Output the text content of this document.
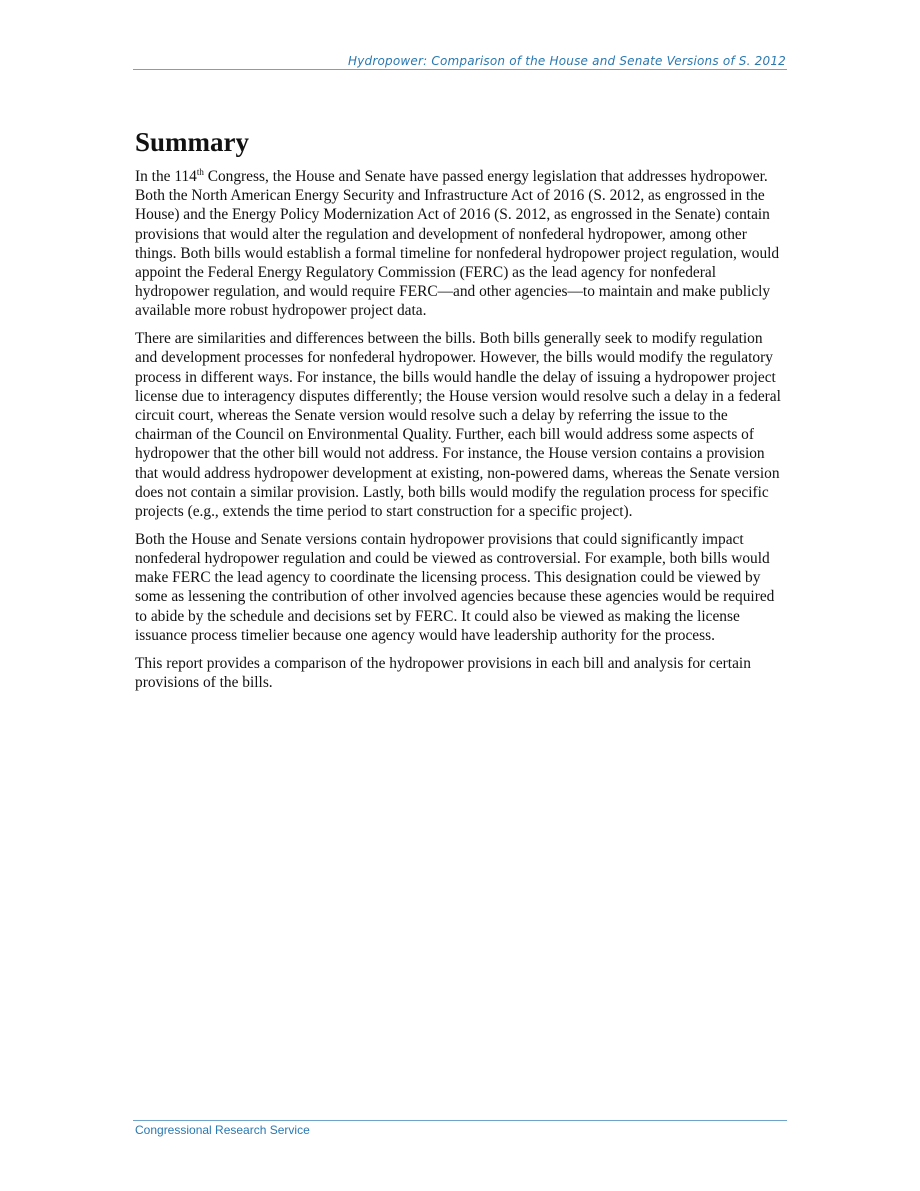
Hydropower: Comparison of the House and Senate Versions of S. 2012
Summary

In the 114th Congress, the House and Senate have passed energy legislation that addresses hydropower. Both the North American Energy Security and Infrastructure Act of 2016 (S. 2012, as engrossed in the House) and the Energy Policy Modernization Act of 2016 (S. 2012, as engrossed in the Senate) contain provisions that would alter the regulation and development of nonfederal hydropower, among other things. Both bills would establish a formal timeline for nonfederal hydropower project regulation, would appoint the Federal Energy Regulatory Commission (FERC) as the lead agency for nonfederal hydropower regulation, and would require FERC—and other agencies—to maintain and make publicly available more robust hydropower project data.

There are similarities and differences between the bills. Both bills generally seek to modify regulation and development processes for nonfederal hydropower. However, the bills would modify the regulatory process in different ways. For instance, the bills would handle the delay of issuing a hydropower project license due to interagency disputes differently; the House version would resolve such a delay in a federal circuit court, whereas the Senate version would resolve such a delay by referring the issue to the chairman of the Council on Environmental Quality. Further, each bill would address some aspects of hydropower that the other bill would not address. For instance, the House version contains a provision that would address hydropower development at existing, non-powered dams, whereas the Senate version does not contain a similar provision. Lastly, both bills would modify the regulation process for specific projects (e.g., extends the time period to start construction for a specific project).

Both the House and Senate versions contain hydropower provisions that could significantly impact nonfederal hydropower regulation and could be viewed as controversial. For example, both bills would make FERC the lead agency to coordinate the licensing process. This designation could be viewed by some as lessening the contribution of other involved agencies because these agencies would be required to abide by the schedule and decisions set by FERC. It could also be viewed as making the license issuance process timelier because one agency would have leadership authority for the process.

This report provides a comparison of the hydropower provisions in each bill and analysis for certain provisions of the bills.

Congressional Research Service
